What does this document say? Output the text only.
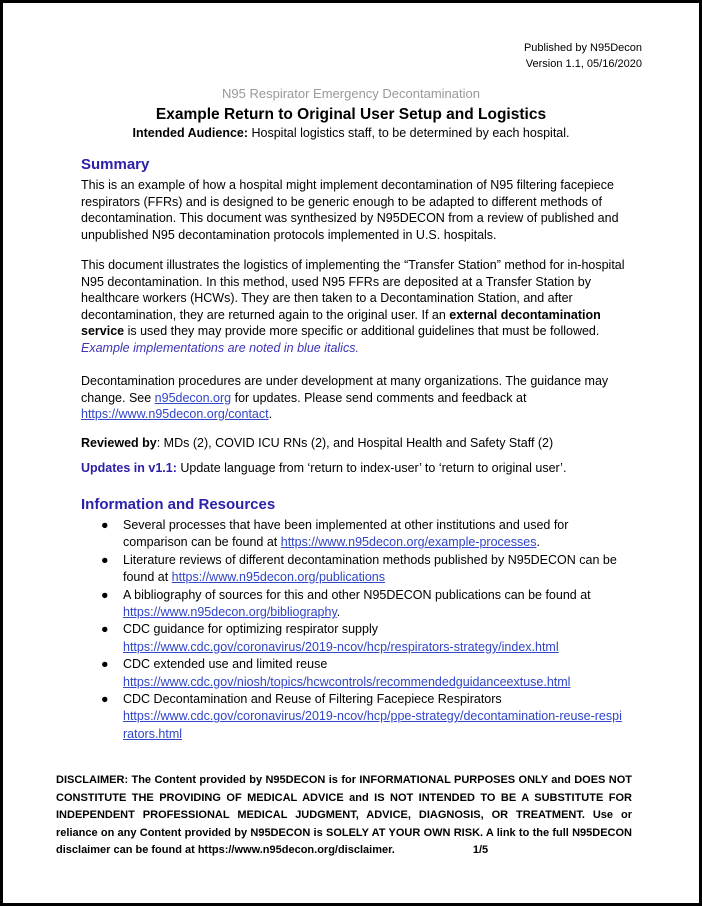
Published by N95Decon
Version 1.1, 05/16/2020
N95 Respirator Emergency Decontamination
Example Return to Original User Setup and Logistics
Intended Audience: Hospital logistics staff, to be determined by each hospital.
Summary
This is an example of how a hospital might implement decontamination of N95 filtering facepiece respirators (FFRs) and is designed to be generic enough to be adapted to different methods of decontamination. This document was synthesized by N95DECON from a review of published and unpublished N95 decontamination protocols implemented in U.S. hospitals.
This document illustrates the logistics of implementing the “Transfer Station” method for in-hospital N95 decontamination. In this method, used N95 FFRs are deposited at a Transfer Station by healthcare workers (HCWs). They are then taken to a Decontamination Station, and after decontamination, they are returned again to the original user. If an external decontamination service is used they may provide more specific or additional guidelines that must be followed. Example implementations are noted in blue italics.
Decontamination procedures are under development at many organizations. The guidance may change. See n95decon.org for updates. Please send comments and feedback at https://www.n95decon.org/contact.
Reviewed by: MDs (2), COVID ICU RNs (2), and Hospital Health and Safety Staff (2)
Updates in v1.1: Update language from ‘return to index-user’ to ‘return to original user’.
Information and Resources
● Several processes that have been implemented at other institutions and used for comparison can be found at https://www.n95decon.org/example-processes.
● Literature reviews of different decontamination methods published by N95DECON can be found at https://www.n95decon.org/publications
● A bibliography of sources for this and other N95DECON publications can be found at https://www.n95decon.org/bibliography.
● CDC guidance for optimizing respirator supply
https://www.cdc.gov/coronavirus/2019-ncov/hcp/respirators-strategy/index.html
● CDC extended use and limited reuse
https://www.cdc.gov/niosh/topics/hcwcontrols/recommendedguidanceextuse.html
● CDC Decontamination and Reuse of Filtering Facepiece Respirators
https://www.cdc.gov/coronavirus/2019-ncov/hcp/ppe-strategy/decontamination-reuse-respirators.html
DISCLAIMER: The Content provided by N95DECON is for INFORMATIONAL PURPOSES ONLY and DOES NOT CONSTITUTE THE PROVIDING OF MEDICAL ADVICE and IS NOT INTENDED TO BE A SUBSTITUTE FOR INDEPENDENT PROFESSIONAL MEDICAL JUDGMENT, ADVICE, DIAGNOSIS, OR TREATMENT. Use or reliance on any Content provided by N95DECON is SOLELY AT YOUR OWN RISK. A link to the full N95DECON disclaimer can be found at https://www.n95decon.org/disclaimer.	1/5
